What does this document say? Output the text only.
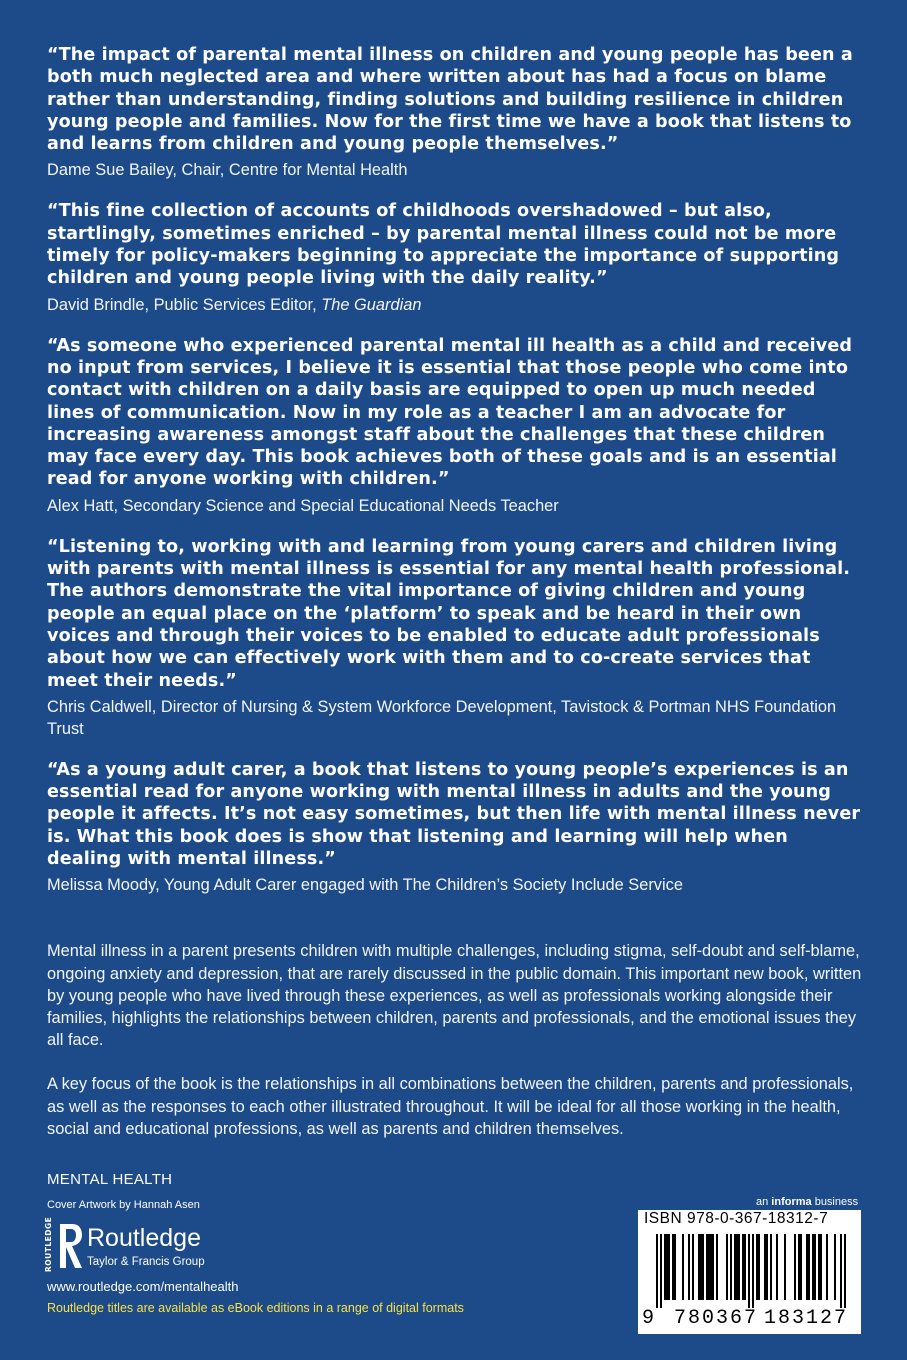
“The impact of parental mental illness on children and young people has been a both much neglected area and where written about has had a focus on blame rather than understanding, finding solutions and building resilience in children young people and families. Now for the first time we have a book that listens to and learns from children and young people themselves.”

Dame Sue Bailey, Chair, Centre for Mental Health

“This fine collection of accounts of childhoods overshadowed – but also, startlingly, sometimes enriched – by parental mental illness could not be more timely for policy-makers beginning to appreciate the importance of supporting children and young people living with the daily reality.”

David Brindle, Public Services Editor, The Guardian

“As someone who experienced parental mental ill health as a child and received no input from services, I believe it is essential that those people who come into contact with children on a daily basis are equipped to open up much needed lines of communication. Now in my role as a teacher I am an advocate for increasing awareness amongst staff about the challenges that these children may face every day. This book achieves both of these goals and is an essential read for anyone working with children.”

Alex Hatt, Secondary Science and Special Educational Needs Teacher

“Listening to, working with and learning from young carers and children living with parents with mental illness is essential for any mental health professional. The authors demonstrate the vital importance of giving children and young people an equal place on the ‘platform’ to speak and be heard in their own voices and through their voices to be enabled to educate adult professionals about how we can effectively work with them and to co-create services that meet their needs.”

Chris Caldwell, Director of Nursing & System Workforce Development, Tavistock & Portman NHS Foundation Trust

“As a young adult carer, a book that listens to young people’s experiences is an essential read for anyone working with mental illness in adults and the young people it affects. It’s not easy sometimes, but then life with mental illness never is. What this book does is show that listening and learning will help when dealing with mental illness.”

Melissa Moody, Young Adult Carer engaged with The Children’s Society Include Service

Mental illness in a parent presents children with multiple challenges, including stigma, self-doubt and self-blame, ongoing anxiety and depression, that are rarely discussed in the public domain. This important new book, written by young people who have lived through these experiences, as well as professionals working alongside their families, highlights the relationships between children, parents and professionals, and the emotional issues they all face.

A key focus of the book is the relationships in all combinations between the children, parents and professionals, as well as the responses to each other illustrated throughout. It will be ideal for all those working in the health, social and educational professions, as well as parents and children themselves.

MENTAL HEALTH
Cover Artwork by Hannah Asen
ROUTLEDGE Routledge
Taylor & Francis Group
www.routledge.com/mentalhealth
Routledge titles are available as eBook editions in a range of digital formats
an informa business
ISBN 978-0-367-18312-7
9 780367 183127
